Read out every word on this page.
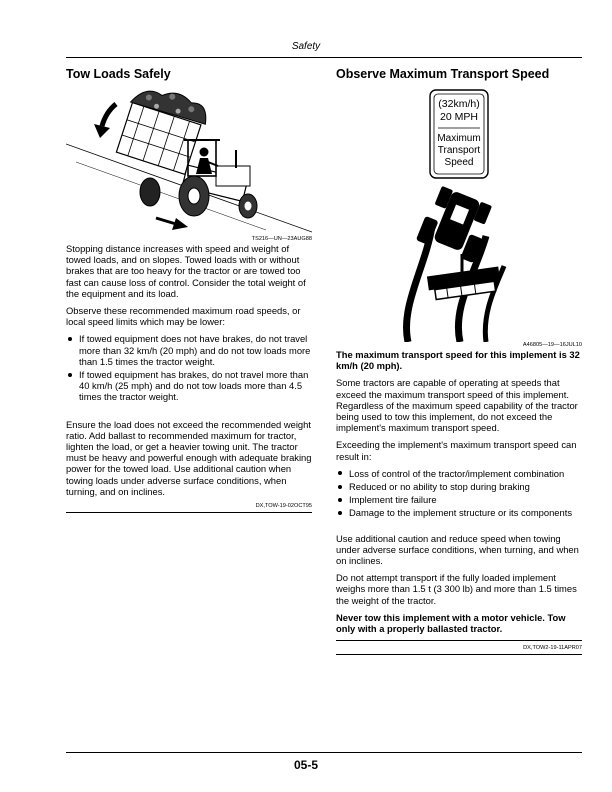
Safety
Tow Loads Safely
TS216—UN—23AUG88

Stopping distance increases with speed and weight of towed loads, and on slopes. Towed loads with or without brakes that are too heavy for the tractor or are towed too fast can cause loss of control. Consider the total weight of the equipment and its load.

Observe these recommended maximum road speeds, or local speed limits which may be lower:

If towed equipment does not have brakes, do not travel more than 32 km/h (20 mph) and do not tow loads more than 1.5 times the tractor weight.
If towed equipment has brakes, do not travel more than 40 km/h (25 mph) and do not tow loads more than 4.5 times the tractor weight.

Ensure the load does not exceed the recommended weight ratio. Add ballast to recommended maximum for tractor, lighten the load, or get a heavier towing unit. The tractor must be heavy and powerful enough with adequate braking power for the towed load. Use additional caution when towing loads under adverse surface conditions, when turning, and on inclines.

DX,TOW-19-02OCT95
Observe Maximum Transport Speed
(32km/h)
20 MPH
Maximum
Transport
Speed
A46805—19—16JUL10

The maximum transport speed for this implement is 32 km/h (20 mph).

Some tractors are capable of operating at speeds that exceed the maximum transport speed of this implement. Regardless of the maximum speed capability of the tractor being used to tow this implement, do not exceed the implement's maximum transport speed.

Exceeding the implement's maximum transport speed can result in:

Loss of control of the tractor/implement combination
Reduced or no ability to stop during braking
Implement tire failure
Damage to the implement structure or its components

Use additional caution and reduce speed when towing under adverse surface conditions, when turning, and when on inclines.

Do not attempt transport if the fully loaded implement weighs more than 1.5 t (3 300 lb) and more than 1.5 times the weight of the tractor.

Never tow this implement with a motor vehicle. Tow only with a properly ballasted tractor.

DX,TOW2-19-11APR07
05-5
